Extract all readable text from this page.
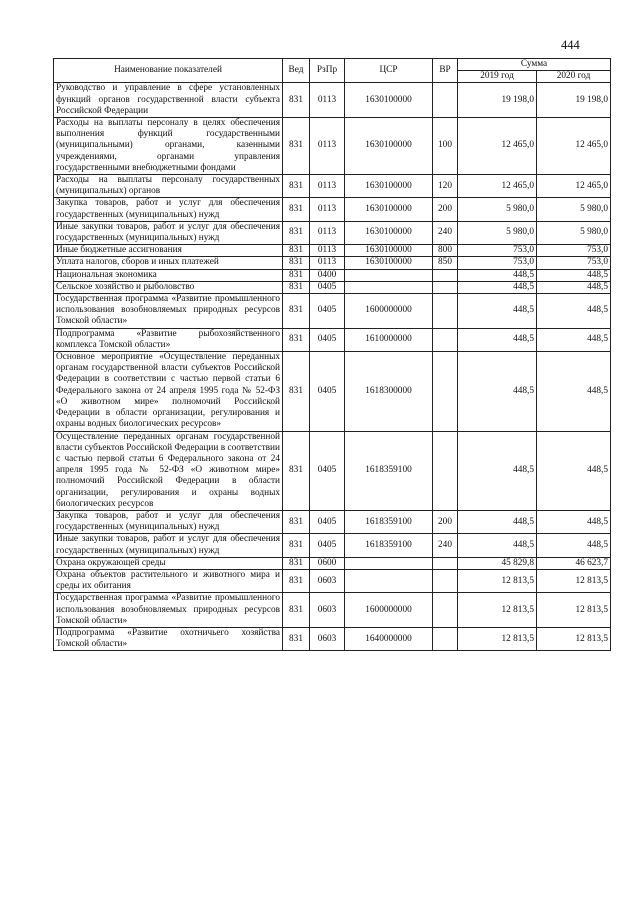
444
Наименование показателей	Вед	РзПр	ЦСР	ВР	Сумма	
					2019 год	2020 год
Руководство и управление в сфере установленных функций органов государственной власти субъекта Российской Федерации	831	0113	1630100000		19 198,0	19 198,0
Расходы на выплаты персоналу в целях обеспечения выполнения функций государственными (муниципальными) органами, казенными учреждениями, органами управления государственными внебюджетными фондами	831	0113	1630100000	100	12 465,0	12 465,0
Расходы на выплаты персоналу государственных (муниципальных) органов	831	0113	1630100000	120	12 465,0	12 465,0
Закупка товаров, работ и услуг для обеспечения государственных (муниципальных) нужд	831	0113	1630100000	200	5 980,0	5 980,0
Иные закупки товаров, работ и услуг для обеспечения государственных (муниципальных) нужд	831	0113	1630100000	240	5 980,0	5 980,0
Иные бюджетные ассигнования	831	0113	1630100000	800	753,0	753,0
Уплата налогов, сборов и иных платежей	831	0113	1630100000	850	753,0	753,0
Национальная экономика	831	0400			448,5	448,5
Сельское хозяйство и рыболовство	831	0405			448,5	448,5
Государственная программа «Развитие промышленного использования возобновляемых природных ресурсов Томской области»	831	0405	1600000000		448,5	448,5
Подпрограмма «Развитие рыбохозяйственного комплекса Томской области»	831	0405	1610000000		448,5	448,5
Основное мероприятие «Осуществление переданных органам государственной власти субъектов Российской Федерации в соответствии с частью первой статьи 6 Федерального закона от 24 апреля 1995 года № 52-ФЗ «О животном мире» полномочий Российской Федерации в области организации, регулирования и охраны водных биологических ресурсов»	831	0405	1618300000		448,5	448,5
Осуществление переданных органам государственной власти субъектов Российской Федерации в соответствии с частью первой статьи 6 Федерального закона от 24 апреля 1995 года № 52-ФЗ «О животном мире» полномочий Российской Федерации в области организации, регулирования и охраны водных биологических ресурсов	831	0405	1618359100		448,5	448,5
Закупка товаров, работ и услуг для обеспечения государственных (муниципальных) нужд	831	0405	1618359100	200	448,5	448,5
Иные закупки товаров, работ и услуг для обеспечения государственных (муниципальных) нужд	831	0405	1618359100	240	448,5	448,5
Охрана окружающей среды	831	0600			45 829,8	46 623,7
Охрана объектов растительного и животного мира и среды их обитания	831	0603			12 813,5	12 813,5
Государственная программа «Развитие промышленного использования возобновляемых природных ресурсов Томской области»	831	0603	1600000000		12 813,5	12 813,5
Подпрограмма «Развитие охотничьего хозяйства Томской области»	831	0603	1640000000		12 813,5	12 813,5
